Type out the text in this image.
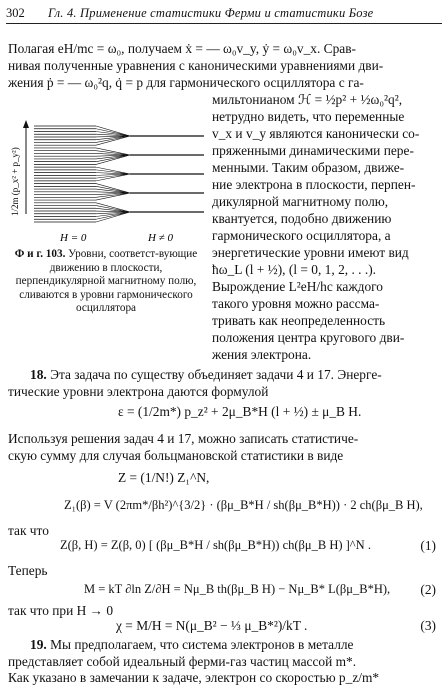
302 Гл. 4. Применение статистики Ферми и статистики Бозе
Полагая eH/mc = ω₀, получаем ẋ = — ω₀v_y, ẏ = ω₀v_x. Срав-
нивая полученные уравнения с каноническими уравнениями дви-
жения ṗ = — ω₀²q, q̇ = p для гармонического осциллятора с га-
1/2m (p_x² + p_y²)
H = 0	H ≠ 0
Ф и г. 103. Уровни, соответст-вующие движению в плоскости, перпендикулярной магнитному полю, сливаются в уровни гармонического осциллятора
мильтонианом ℋ = ½p² + ½ω₀²q²,
нетрудно видеть, что переменные
v_x и v_y являются канонически со-
пряженными динамическими пере-
менными. Таким образом, движе-
ние электрона в плоскости, перпен-
дикулярной магнитному полю,
квантуется, подобно движению
гармонического осциллятора, а
энергетические уровни имеют вид
ħω_L (l + ½), (l = 0, 1, 2, . . .).
Вырождение L²eH/hc каждого
такого уровня можно рассма-
тривать как неопределенность
положения центра кругового дви-
жения электрона.
18. Эта задача по существу объединяет задачи 4 и 17. Энерге-
тические уровни электрона даются формулой
ε = (1/2m*) p_z² + 2μ_B*H (l + ½) ± μ_B H.
Используя решения задач 4 и 17, можно записать статистиче-
скую сумму для случая больцмановской статистики в виде
Z = (1/N!) Z₁^N,
Z₁(β) = V (2πm*/βh²)^{3/2} · (βμ_B*H / sh(βμ_B*H)) · 2 ch(βμ_B H),
так что
Z(β, H) = Z(β, 0) [ (βμ_B*H / sh(βμ_B*H)) ch(βμ_B H) ]^N .	(1)
Теперь
M = kT ∂ln Z/∂H = Nμ_B th(βμ_B H) − Nμ_B* L(βμ_B*H), (2)
так что при H → 0
χ = M/H = N(μ_B² − ⅓ μ_B*²)/kT .	(3)
19. Мы предполагаем, что система электронов в металле
представляет собой идеальный ферми-газ частиц массой m*.
Как указано в замечании к задаче, электрон со скоростью p_z/m*
